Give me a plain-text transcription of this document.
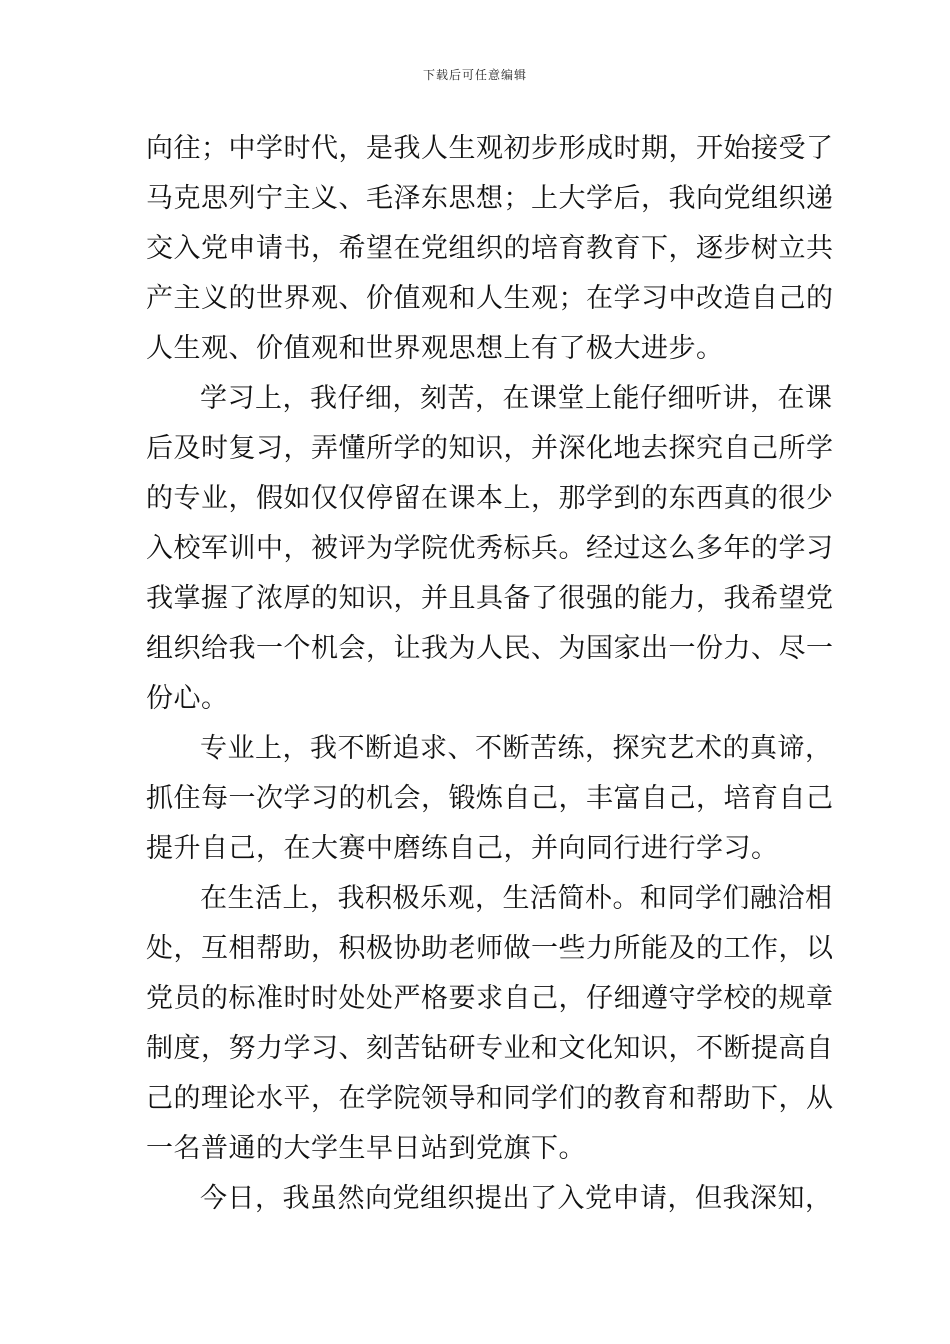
下载后可任意编辑
向往；中学时代，是我人生观初步形成时期，开始接受了
马克思列宁主义、毛泽东思想；上大学后，我向党组织递
交入党申请书，希望在党组织的培育教育下，逐步树立共
产主义的世界观、价值观和人生观；在学习中改造自己的
人生观、价值观和世界观思想上有了极大进步。
学习上，我仔细，刻苦，在课堂上能仔细听讲，在课
后及时复习，弄懂所学的知识，并深化地去探究自己所学
的专业，假如仅仅停留在课本上，那学到的东西真的很少
入校军训中，被评为学院优秀标兵。经过这么多年的学习
我掌握了浓厚的知识，并且具备了很强的能力，我希望党
组织给我一个机会，让我为人民、为国家出一份力、尽一
份心。
专业上，我不断追求、不断苦练，探究艺术的真谛，
抓住每一次学习的机会，锻炼自己，丰富自己，培育自己
提升自己，在大赛中磨练自己，并向同行进行学习。
在生活上，我积极乐观，生活简朴。和同学们融洽相
处，互相帮助，积极协助老师做一些力所能及的工作，以
党员的标准时时处处严格要求自己，仔细遵守学校的规章
制度，努力学习、刻苦钻研专业和文化知识，不断提高自
己的理论水平，在学院领导和同学们的教育和帮助下，从
一名普通的大学生早日站到党旗下。
今日，我虽然向党组织提出了入党申请，但我深知，
